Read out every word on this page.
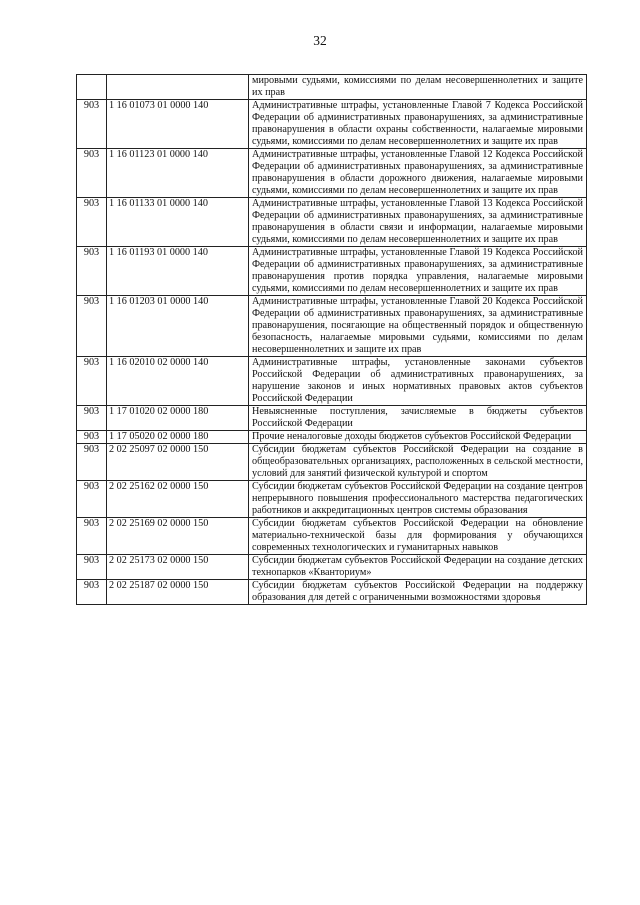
32
		мировыми судьями, комиссиями по делам несовершеннолетних и защите их прав
903	1 16 01073 01 0000 140	Административные штрафы, установленные Главой 7 Кодекса Российской Федерации об административных правонарушениях, за административные правонарушения в области охраны собственности, налагаемые мировыми судьями, комиссиями по делам несовершеннолетних и защите их прав
903	1 16 01123 01 0000 140	Административные штрафы, установленные Главой 12 Кодекса Российской Федерации об административных правонарушениях, за административные правонарушения в области дорожного движения, налагаемые мировыми судьями, комиссиями по делам несовершеннолетних и защите их прав
903	1 16 01133 01 0000 140	Административные штрафы, установленные Главой 13 Кодекса Российской Федерации об административных правонарушениях, за административные правонарушения в области связи и информации, налагаемые мировыми судьями, комиссиями по делам несовершеннолетних и защите их прав
903	1 16 01193 01 0000 140	Административные штрафы, установленные Главой 19 Кодекса Российской Федерации об административных правонарушениях, за административные правонарушения против порядка управления, налагаемые мировыми судьями, комиссиями по делам несовершеннолетних и защите их прав
903	1 16 01203 01 0000 140	Административные штрафы, установленные Главой 20 Кодекса Российской Федерации об административных правонарушениях, за административные правонарушения, посягающие на общественный порядок и общественную безопасность, налагаемые мировыми судьями, комиссиями по делам несовершеннолетних и защите их прав
903	1 16 02010 02 0000 140	Административные штрафы, установленные законами субъектов Российской Федерации об административных правонарушениях, за нарушение законов и иных нормативных правовых актов субъектов Российской Федерации
903	1 17 01020 02 0000 180	Невыясненные поступления, зачисляемые в бюджеты субъектов Российской Федерации
903	1 17 05020 02 0000 180	Прочие неналоговые доходы бюджетов субъектов Российской Федерации
903	2 02 25097 02 0000 150	Субсидии бюджетам субъектов Российской Федерации на создание в общеобразовательных организациях, расположенных в сельской местности, условий для занятий физической культурой и спортом
903	2 02 25162 02 0000 150	Субсидии бюджетам субъектов Российской Федерации на создание центров непрерывного повышения профессионального мастерства педагогических работников и аккредитационных центров системы образования
903	2 02 25169 02 0000 150	Субсидии бюджетам субъектов Российской Федерации на обновление материально-технической базы для формирования у обучающихся современных технологических и гуманитарных навыков
903	2 02 25173 02 0000 150	Субсидии бюджетам субъектов Российской Федерации на создание детских технопарков «Кванториум»
903	2 02 25187 02 0000 150	Субсидии бюджетам субъектов Российской Федерации на поддержку образования для детей с ограниченными возможностями здоровья
